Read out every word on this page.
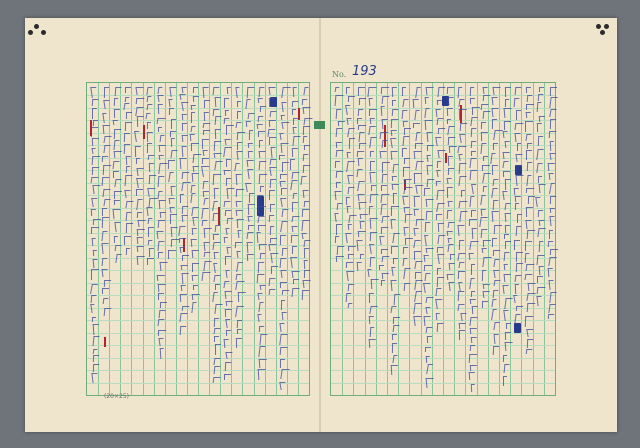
No. 193
(20×25)
